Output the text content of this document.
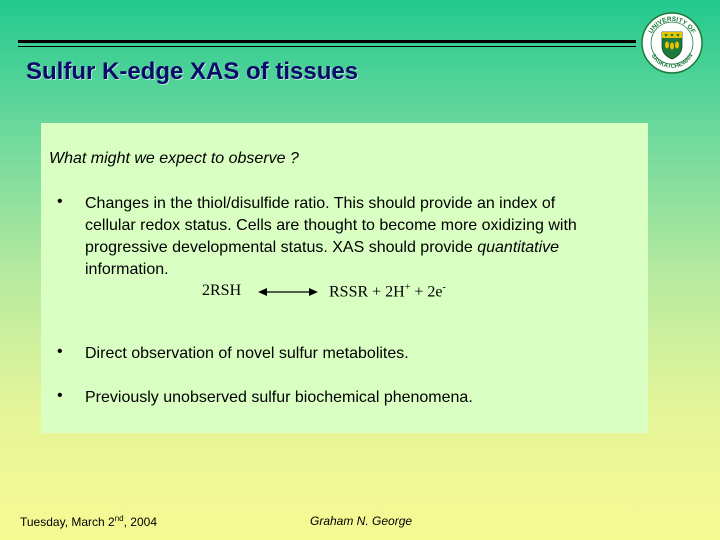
Sulfur K-edge XAS of tissues
UNIVERSITY OF
SASKATCHEWAN
What might we expect to observe ?
• Changes in the thiol/disulfide ratio. This should provide an index of
cellular redox status. Cells are thought to become more oxidizing with
progressive developmental status. XAS should provide quantitative
information.
2RSH	RSSR + 2H+ + 2e-
• Direct observation of novel sulfur metabolites.
• Previously unobserved sulfur biochemical phenomena.
Tuesday, March 2nd, 2004	Graham N. George
